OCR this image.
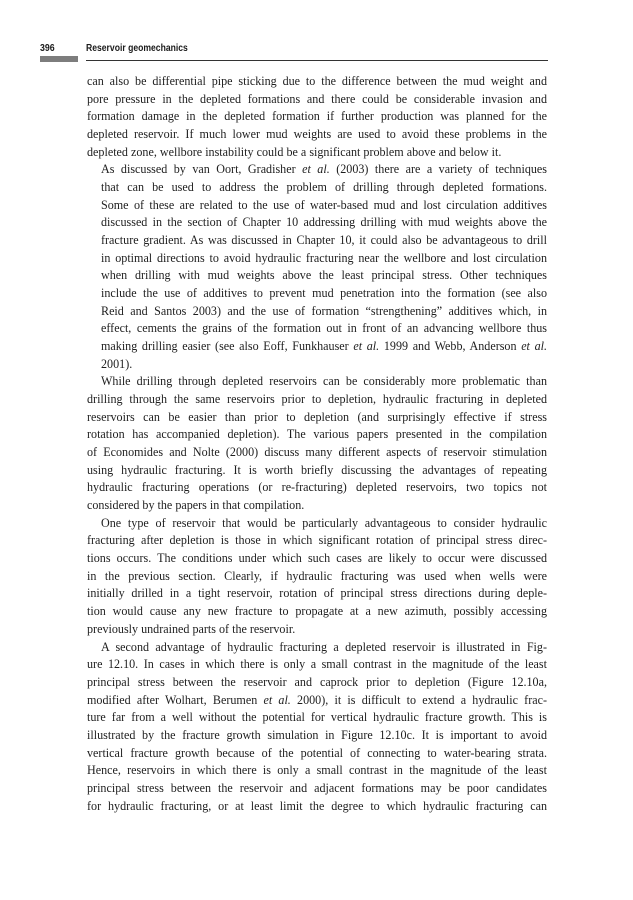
396	Reservoir geomechanics

can also be differential pipe sticking due to the difference between the mud weight and
pore pressure in the depleted formations and there could be considerable invasion and
formation damage in the depleted formation if further production was planned for the
depleted reservoir. If much lower mud weights are used to avoid these problems in the
depleted zone, wellbore instability could be a significant problem above and below it.

As discussed by van Oort, Gradisher et al. (2003) there are a variety of techniques
that can be used to address the problem of drilling through depleted formations.
Some of these are related to the use of water-based mud and lost circulation additives
discussed in the section of Chapter 10 addressing drilling with mud weights above the
fracture gradient. As was discussed in Chapter 10, it could also be advantageous to drill
in optimal directions to avoid hydraulic fracturing near the wellbore and lost circulation
when drilling with mud weights above the least principal stress. Other techniques
include the use of additives to prevent mud penetration into the formation (see also
Reid and Santos 2003) and the use of formation “strengthening” additives which, in
effect, cements the grains of the formation out in front of an advancing wellbore thus
making drilling easier (see also Eoff, Funkhauser et al. 1999 and Webb, Anderson et al.
2001).

While drilling through depleted reservoirs can be considerably more problematic than
drilling through the same reservoirs prior to depletion, hydraulic fracturing in depleted
reservoirs can be easier than prior to depletion (and surprisingly effective if stress
rotation has accompanied depletion). The various papers presented in the compilation
of Economides and Nolte (2000) discuss many different aspects of reservoir stimulation
using hydraulic fracturing. It is worth briefly discussing the advantages of repeating
hydraulic fracturing operations (or re-fracturing) depleted reservoirs, two topics not
considered by the papers in that compilation.

One type of reservoir that would be particularly advantageous to consider hydraulic
fracturing after depletion is those in which significant rotation of principal stress direc-
tions occurs. The conditions under which such cases are likely to occur were discussed
in the previous section. Clearly, if hydraulic fracturing was used when wells were
initially drilled in a tight reservoir, rotation of principal stress directions during deple-
tion would cause any new fracture to propagate at a new azimuth, possibly accessing
previously undrained parts of the reservoir.

A second advantage of hydraulic fracturing a depleted reservoir is illustrated in Fig-
ure 12.10. In cases in which there is only a small contrast in the magnitude of the least
principal stress between the reservoir and caprock prior to depletion (Figure 12.10a,
modified after Wolhart, Berumen et al. 2000), it is difficult to extend a hydraulic frac-
ture far from a well without the potential for vertical hydraulic fracture growth. This is
illustrated by the fracture growth simulation in Figure 12.10c. It is important to avoid
vertical fracture growth because of the potential of connecting to water-bearing strata.
Hence, reservoirs in which there is only a small contrast in the magnitude of the least
principal stress between the reservoir and adjacent formations may be poor candidates
for hydraulic fracturing, or at least limit the degree to which hydraulic fracturing can
